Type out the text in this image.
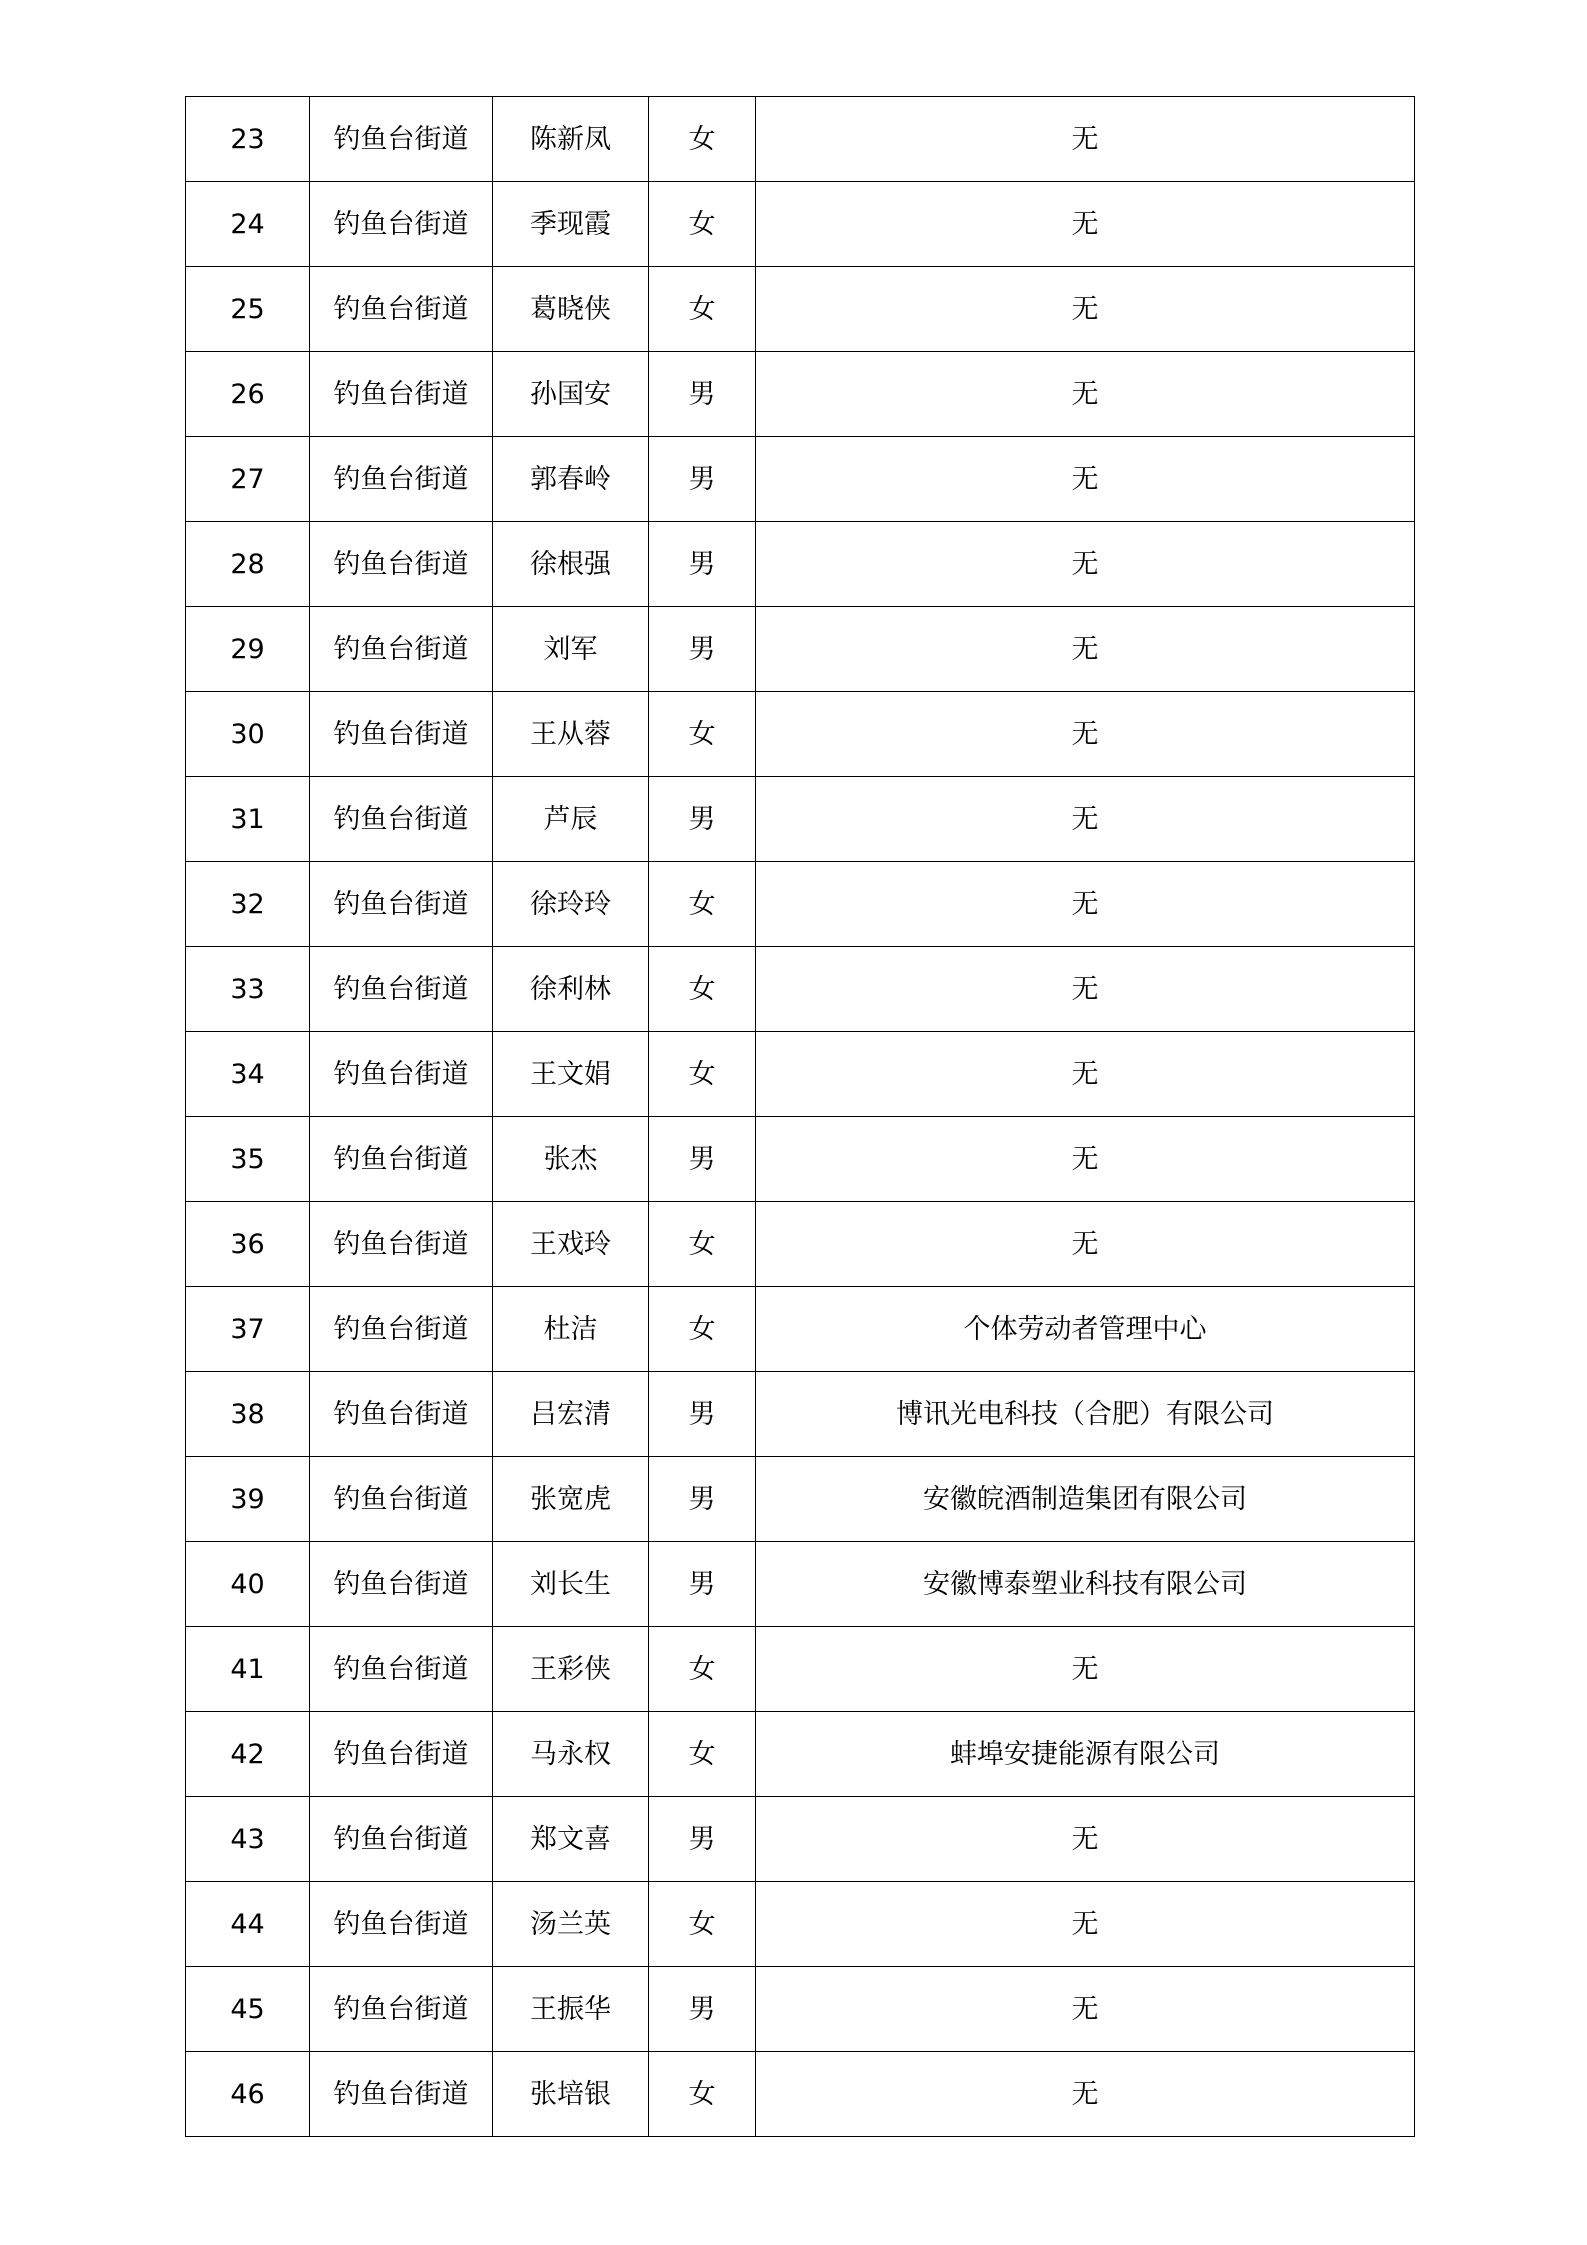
23	钓鱼台街道	陈新凤	女	无
24	钓鱼台街道	季现霞	女	无
25	钓鱼台街道	葛晓侠	女	无
26	钓鱼台街道	孙国安	男	无
27	钓鱼台街道	郭春岭	男	无
28	钓鱼台街道	徐根强	男	无
29	钓鱼台街道	刘军	男	无
30	钓鱼台街道	王从蓉	女	无
31	钓鱼台街道	芦辰	男	无
32	钓鱼台街道	徐玲玲	女	无
33	钓鱼台街道	徐利林	女	无
34	钓鱼台街道	王文娟	女	无
35	钓鱼台街道	张杰	男	无
36	钓鱼台街道	王戏玲	女	无
37	钓鱼台街道	杜洁	女	个体劳动者管理中心
38	钓鱼台街道	吕宏清	男	博讯光电科技（合肥）有限公司
39	钓鱼台街道	张宽虎	男	安徽皖酒制造集团有限公司
40	钓鱼台街道	刘长生	男	安徽博泰塑业科技有限公司
41	钓鱼台街道	王彩侠	女	无
42	钓鱼台街道	马永权	女	蚌埠安捷能源有限公司
43	钓鱼台街道	郑文喜	男	无
44	钓鱼台街道	汤兰英	女	无
45	钓鱼台街道	王振华	男	无
46	钓鱼台街道	张培银	女	无
